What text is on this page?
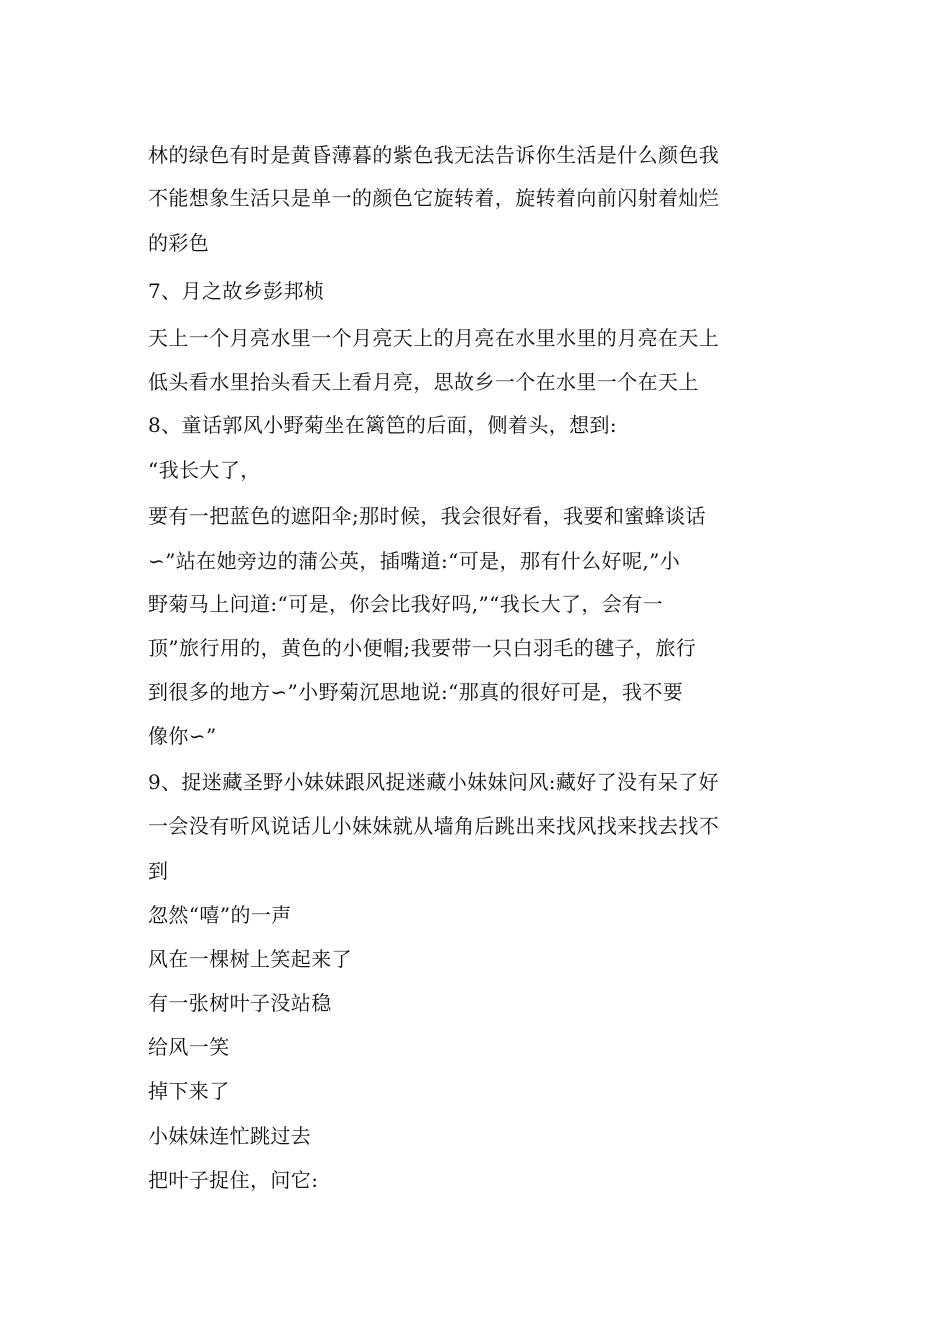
林的绿色有时是黄昏薄暮的紫色我无法告诉你生活是什么颜色我
不能想象生活只是单一的颜色它旋转着，旋转着向前闪射着灿烂
的彩色
7、月之故乡彭邦桢
天上一个月亮水里一个月亮天上的月亮在水里水里的月亮在天上
低头看水里抬头看天上看月亮，思故乡一个在水里一个在天上
8、童话郭风小野菊坐在篱笆的后面，侧着头，想到:
“我长大了，
要有一把蓝色的遮阳伞;那时候，我会很好看，我要和蜜蜂谈话
∽”站在她旁边的蒲公英，插嘴道:“可是，那有什么好呢,”小
野菊马上问道:“可是，你会比我好吗,”“我长大了，会有一
顶”旅行用的，黄色的小便帽;我要带一只白羽毛的毽子，旅行
到很多的地方∽”小野菊沉思地说:“那真的很好可是，我不要
像你∽”
9、捉迷藏圣野小妹妹跟风捉迷藏小妹妹问风:藏好了没有呆了好
一会没有听风说话儿小妹妹就从墙角后跳出来找风找来找去找不
到
忽然“嘻”的一声
风在一棵树上笑起来了
有一张树叶子没站稳
给风一笑
掉下来了
小妹妹连忙跳过去
把叶子捉住，问它:
